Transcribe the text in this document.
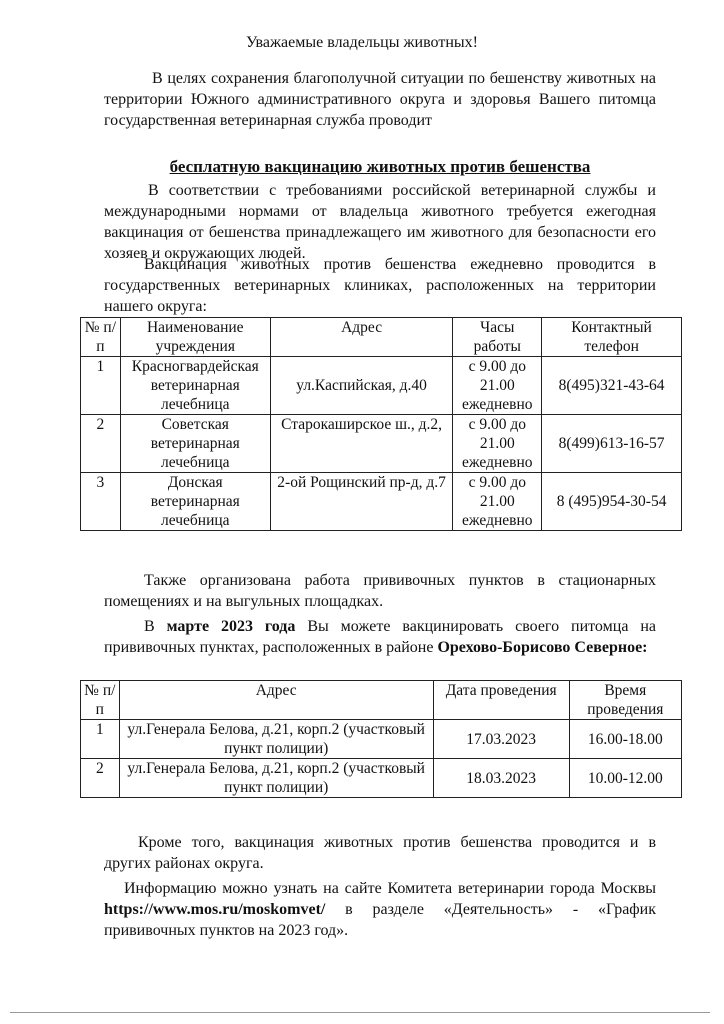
Уважаемые владельцы животных!
В целях сохранения благополучной ситуации по бешенству животных на территории Южного административного округа и здоровья Вашего питомца государственная ветеринарная служба проводит
бесплатную вакцинацию животных против бешенства
В соответствии с требованиями российской ветеринарной службы и международными нормами от владельца животного требуется ежегодная вакцинация от бешенства принадлежащего им животного для безопасности его хозяев и окружающих людей.
Вакцинация животных против бешенства ежедневно проводится в государственных ветеринарных клиниках, расположенных на территории нашего округа:
№ п/п	Наименование учреждения	Адрес	Часы работы	Контактный телефон
1	Красногвардейская ветеринарная лечебница	ул.Каспийская, д.40	с 9.00 до 21.00 ежедневно	8(495)321-43-64
2	Советская ветеринарная лечебница	Старокаширское ш., д.2,	с 9.00 до 21.00 ежедневно	8(499)613-16-57
3	Донская ветеринарная лечебница	2-ой Рощинский пр-д, д.7	с 9.00 до 21.00 ежедневно	8 (495)954-30-54
Также организована работа прививочных пунктов в стационарных помещениях и на выгульных площадках.
В марте 2023 года Вы можете вакцинировать своего питомца на прививочных пунктах, расположенных в районе Орехово-Борисово Северное:
№ п/п	Адрес	Дата проведения	Время проведения
1	ул.Генерала Белова, д.21, корп.2 (участковый пункт полиции)	17.03.2023	16.00-18.00
2	ул.Генерала Белова, д.21, корп.2 (участковый пункт полиции)	18.03.2023	10.00-12.00
Кроме того, вакцинация животных против бешенства проводится и в других районах округа.
Информацию можно узнать на сайте Комитета ветеринарии города Москвы https://www.mos.ru/moskomvet/ в разделе «Деятельность» - «График прививочных пунктов на 2023 год».
